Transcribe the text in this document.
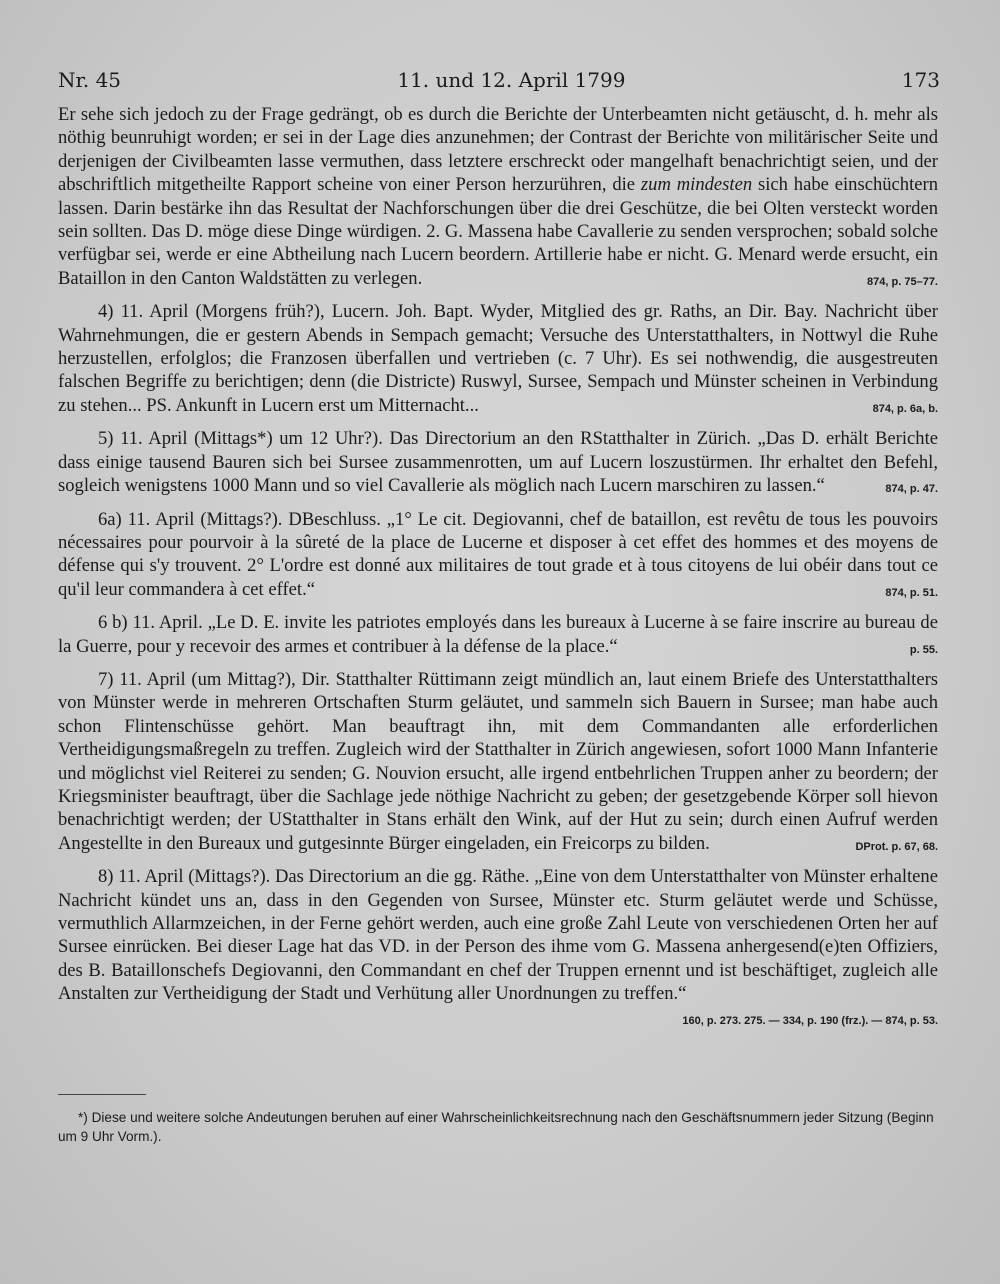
Nr. 45	11. und 12. April 1799	173

Er sehe sich jedoch zu der Frage gedrängt, ob es durch die Berichte der Unterbeamten nicht getäuscht, d. h. mehr als nöthig beunruhigt worden; er sei in der Lage dies anzunehmen; der Contrast der Berichte von militärischer Seite und derjenigen der Civilbeamten lasse vermuthen, dass letztere erschreckt oder mangelhaft benachrichtigt seien, und der abschriftlich mitgetheilte Rapport scheine von einer Person herzurühren, die zum mindesten sich habe einschüchtern lassen. Darin bestärke ihn das Resultat der Nachforschungen über die drei Geschütze, die bei Olten versteckt worden sein sollten. Das D. möge diese Dinge würdigen. 2. G. Massena habe Cavallerie zu senden versprochen; sobald solche verfügbar sei, werde er eine Abtheilung nach Lucern beordern. Artillerie habe er nicht. G. Menard werde ersucht, ein Bataillon in den Canton Waldstätten zu verlegen.	874, p. 75–77.

4) 11. April (Morgens früh?), Lucern. Joh. Bapt. Wyder, Mitglied des gr. Raths, an Dir. Bay. Nachricht über Wahrnehmungen, die er gestern Abends in Sempach gemacht; Versuche des Unterstatthalters, in Nottwyl die Ruhe herzustellen, erfolglos; die Franzosen überfallen und vertrieben (c. 7 Uhr). Es sei nothwendig, die ausgestreuten falschen Begriffe zu berichtigen; denn (die Districte) Ruswyl, Sursee, Sempach und Münster scheinen in Verbindung zu stehen... PS. Ankunft in Lucern erst um Mitternacht...	874, p. 6a, b.

5) 11. April (Mittags*) um 12 Uhr?). Das Directorium an den RStatthalter in Zürich. „Das D. erhält Berichte dass einige tausend Bauren sich bei Sursee zusammenrotten, um auf Lucern loszustürmen. Ihr erhaltet den Befehl, sogleich wenigstens 1000 Mann und so viel Cavallerie als möglich nach Lucern marschiren zu lassen.“	874, p. 47.

6a) 11. April (Mittags?). DBeschluss. „1° Le cit. Degiovanni, chef de bataillon, est revêtu de tous les pouvoirs nécessaires pour pourvoir à la sûreté de la place de Lucerne et disposer à cet effet des hommes et des moyens de défense qui s'y trouvent. 2° L'ordre est donné aux militaires de tout grade et à tous citoyens de lui obéir dans tout ce qu'il leur commandera à cet effet.“	874, p. 51.

6 b) 11. April. „Le D. E. invite les patriotes employés dans les bureaux à Lucerne à se faire inscrire au bureau de la Guerre, pour y recevoir des armes et contribuer à la défense de la place.“	p. 55.

7) 11. April (um Mittag?), Dir. Statthalter Rüttimann zeigt mündlich an, laut einem Briefe des Unterstatthalters von Münster werde in mehreren Ortschaften Sturm geläutet, und sammeln sich Bauern in Sursee; man habe auch schon Flintenschüsse gehört. Man beauftragt ihn, mit dem Commandanten alle erforderlichen Vertheidigungsmaßregeln zu treffen. Zugleich wird der Statthalter in Zürich angewiesen, sofort 1000 Mann Infanterie und möglichst viel Reiterei zu senden; G. Nouvion ersucht, alle irgend entbehrlichen Truppen anher zu beordern; der Kriegsminister beauftragt, über die Sachlage jede nöthige Nachricht zu geben; der gesetzgebende Körper soll hievon benachrichtigt werden; der UStatthalter in Stans erhält den Wink, auf der Hut zu sein; durch einen Aufruf werden Angestellte in den Bureaux und gutgesinnte Bürger eingeladen, ein Freicorps zu bilden.	DProt. p. 67, 68.

8) 11. April (Mittags?). Das Directorium an die gg. Räthe. „Eine von dem Unterstatthalter von Münster erhaltene Nachricht kündet uns an, dass in den Gegenden von Sursee, Münster etc. Sturm geläutet werde und Schüsse, vermuthlich Allarmzeichen, in der Ferne gehört werden, auch eine große Zahl Leute von verschiedenen Orten her auf Sursee einrücken. Bei dieser Lage hat das VD. in der Person des ihme vom G. Massena anhergesend(e)ten Offiziers, des B. Bataillonschefs Degiovanni, den Commandant en chef der Truppen ernennt und ist beschäftiget, zugleich alle Anstalten zur Vertheidigung der Stadt und Verhütung aller Unordnungen zu treffen.“
160, p. 273. 275. — 334, p. 190 (frz.). — 874, p. 53.

*) Diese und weitere solche Andeutungen beruhen auf einer Wahrscheinlichkeitsrechnung nach den Geschäftsnummern jeder Sitzung (Beginn um 9 Uhr Vorm.).
